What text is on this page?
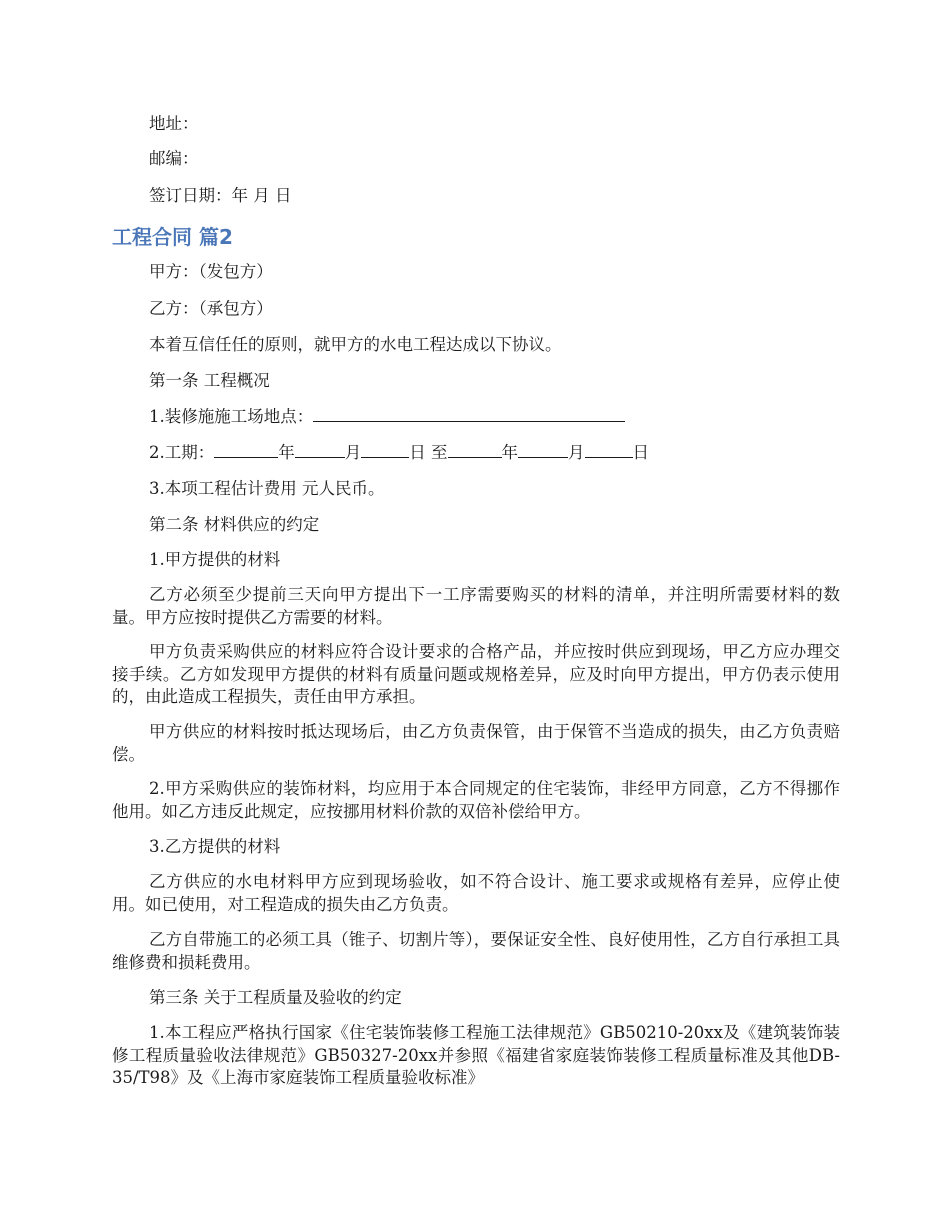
地址：
邮编：
签订日期：年 月 日
工程合同 篇2
甲方：（发包方）
乙方：（承包方）
本着互信任任的原则，就甲方的水电工程达成以下协议。
第一条 工程概况
1.装修施施工场地点：
2.工期：	年	月	日 至	年	月	日
3.本项工程估计费用 元人民币。
第二条 材料供应的约定
1.甲方提供的材料
乙方必须至少提前三天向甲方提出下一工序需要购买的材料的清单，并注明所需要材料的数量。甲方应按时提供乙方需要的材料。
甲方负责采购供应的材料应符合设计要求的合格产品，并应按时供应到现场，甲乙方应办理交接手续。乙方如发现甲方提供的材料有质量问题或规格差异，应及时向甲方提出，甲方仍表示使用的，由此造成工程损失，责任由甲方承担。
甲方供应的材料按时抵达现场后，由乙方负责保管，由于保管不当造成的损失，由乙方负责赔偿。
2.甲方采购供应的装饰材料，均应用于本合同规定的住宅装饰，非经甲方同意，乙方不得挪作他用。如乙方违反此规定，应按挪用材料价款的双倍补偿给甲方。
3.乙方提供的材料
乙方供应的水电材料甲方应到现场验收，如不符合设计、施工要求或规格有差异，应停止使用。如已使用，对工程造成的损失由乙方负责。
乙方自带施工的必须工具（锥子、切割片等），要保证安全性、良好使用性，乙方自行承担工具维修费和损耗费用。
第三条 关于工程质量及验收的约定
1.本工程应严格执行国家《住宅装饰装修工程施工法律规范》GB50210-20xx及《建筑装饰装修工程质量验收法律规范》GB50327-20xx并参照《福建省家庭装饰装修工程质量标准及其他DB-35/T98》及《上海市家庭装饰工程质量验收标准》
